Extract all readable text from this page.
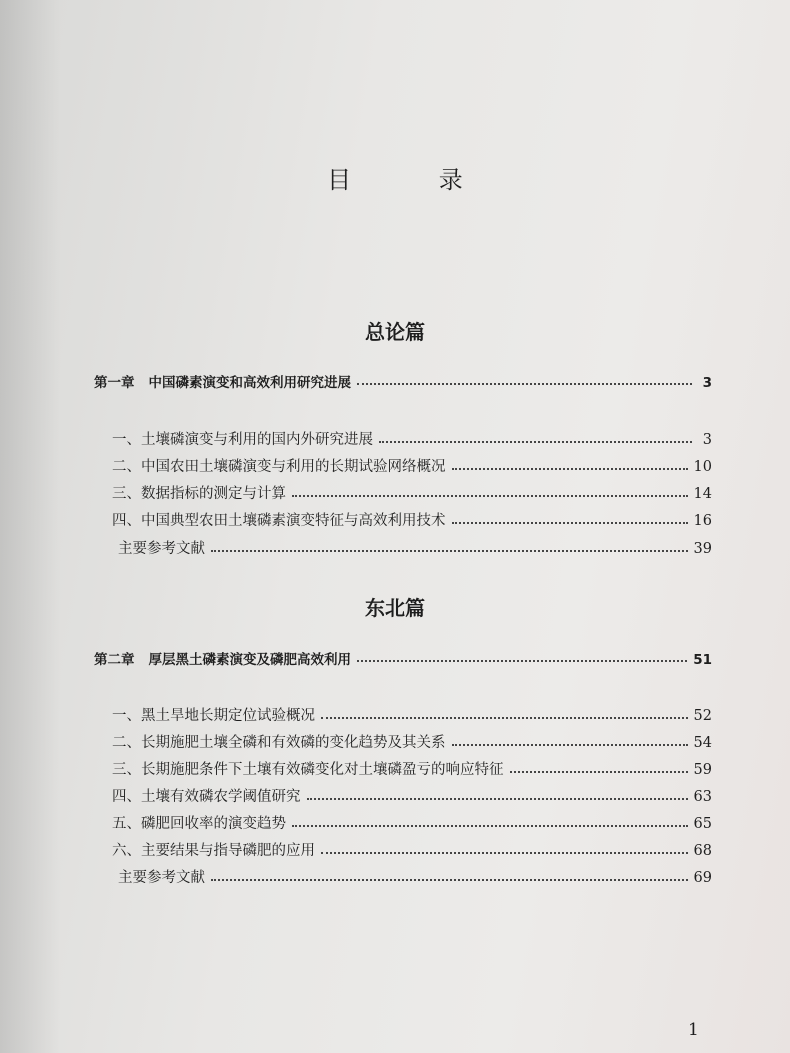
目 录
总论篇
第一章 中国磷素演变和高效利用研究进展	3
一、土壤磷演变与利用的国内外研究进展	3
二、中国农田土壤磷演变与利用的长期试验网络概况	10
三、数据指标的测定与计算	14
四、中国典型农田土壤磷素演变特征与高效利用技术	16
主要参考文献	39
东北篇
第二章 厚层黑土磷素演变及磷肥高效利用	51
一、黑土旱地长期定位试验概况	52
二、长期施肥土壤全磷和有效磷的变化趋势及其关系	54
三、长期施肥条件下土壤有效磷变化对土壤磷盈亏的响应特征	59
四、土壤有效磷农学阈值研究	63
五、磷肥回收率的演变趋势	65
六、主要结果与指导磷肥的应用	68
主要参考文献	69
1
